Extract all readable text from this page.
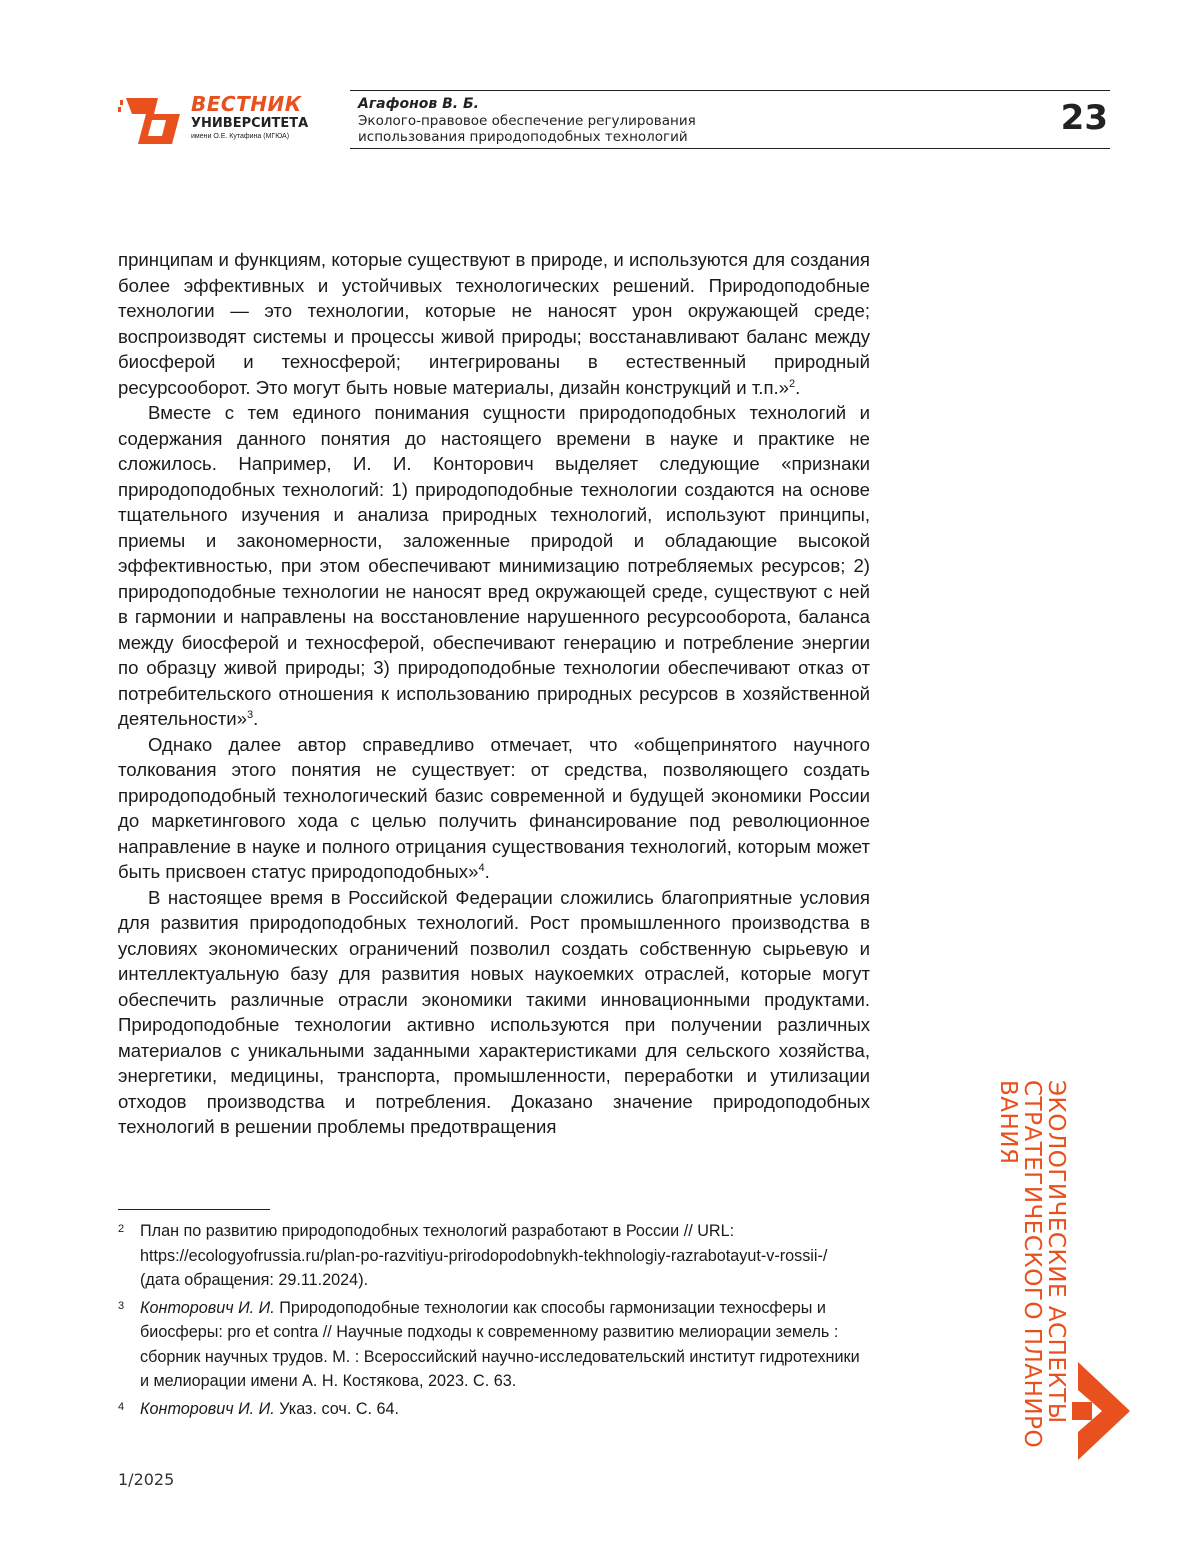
ВЕСТНИК
УНИВЕРСИТЕТА
имени О.Е. Кутафина (МГЮА)
Агафонов В. Б.
Эколого-правовое обеспечение регулирования
использования природоподобных технологий	23

принципам и функциям, которые существуют в природе, и используются для создания более эффективных и устойчивых технологических решений. Природоподобные технологии — это технологии, которые не наносят урон окружающей среде; воспроизводят системы и процессы живой природы; восстанавливают баланс между биосферой и техносферой; интегрированы в естественный природный ресурсооборот. Это могут быть новые материалы, дизайн конструкций и т.п.»$^2$.

Вместе с тем единого понимания сущности природоподобных технологий и содержания данного понятия до настоящего времени в науке и практике не сложилось. Например, И. И. Конторович выделяет следующие «признаки природоподобных технологий: 1) природоподобные технологии создаются на основе тщательного изучения и анализа природных технологий, используют принципы, приемы и закономерности, заложенные природой и обладающие высокой эффективностью, при этом обеспечивают минимизацию потребляемых ресурсов; 2) природоподобные технологии не наносят вред окружающей среде, существуют с ней в гармонии и направлены на восстановление нарушенного ресурсооборота, баланса между биосферой и техносферой, обеспечивают генерацию и потребление энергии по образцу живой природы; 3) природоподобные технологии обеспечивают отказ от потребительского отношения к использованию природных ресурсов в хозяйственной деятельности»$^3$.

Однако далее автор справедливо отмечает, что «общепринятого научного толкования этого понятия не существует: от средства, позволяющего создать природоподобный технологический базис современной и будущей экономики России до маркетингового хода с целью получить финансирование под революционное направление в науке и полного отрицания существования технологий, которым может быть присвоен статус природоподобных»$^4$.

В настоящее время в Российской Федерации сложились благоприятные условия для развития природоподобных технологий. Рост промышленного производства в условиях экономических ограничений позволил создать собственную сырьевую и интеллектуальную базу для развития новых наукоемких отраслей, которые могут обеспечить различные отрасли экономики такими инновационными продуктами. Природоподобные технологии активно используются при получении различных материалов с уникальными заданными характеристиками для сельского хозяйства, энергетики, медицины, транспорта, промышленности, переработки и утилизации отходов производства и потребления. Доказано значение природоподобных технологий в решении проблемы предотвращения

2 План по развитию природоподобных технологий разработают в России // URL: https://ecologyofrussia.ru/plan-po-razvitiyu-prirodopodobnykh-tekhnologiy-razrabotayut-v-rossii-/ (дата обращения: 29.11.2024).
3 Конторович И. И. Природоподобные технологии как способы гармонизации техносферы и биосферы: pro et contra // Научные подходы к современному развитию мелиорации земель : сборник научных трудов. М. : Всероссийский научно-исследовательский институт гидротехники и мелиорации имени А. Н. Костякова, 2023. С. 63.
4 Конторович И. И. Указ. соч. С. 64.
1/2025
ЭКОЛОГИЧЕСКИЕ АСПЕКТЫ
СТРАТЕГИЧЕСКОГО ПЛАНИРО
ВАНИЯ
